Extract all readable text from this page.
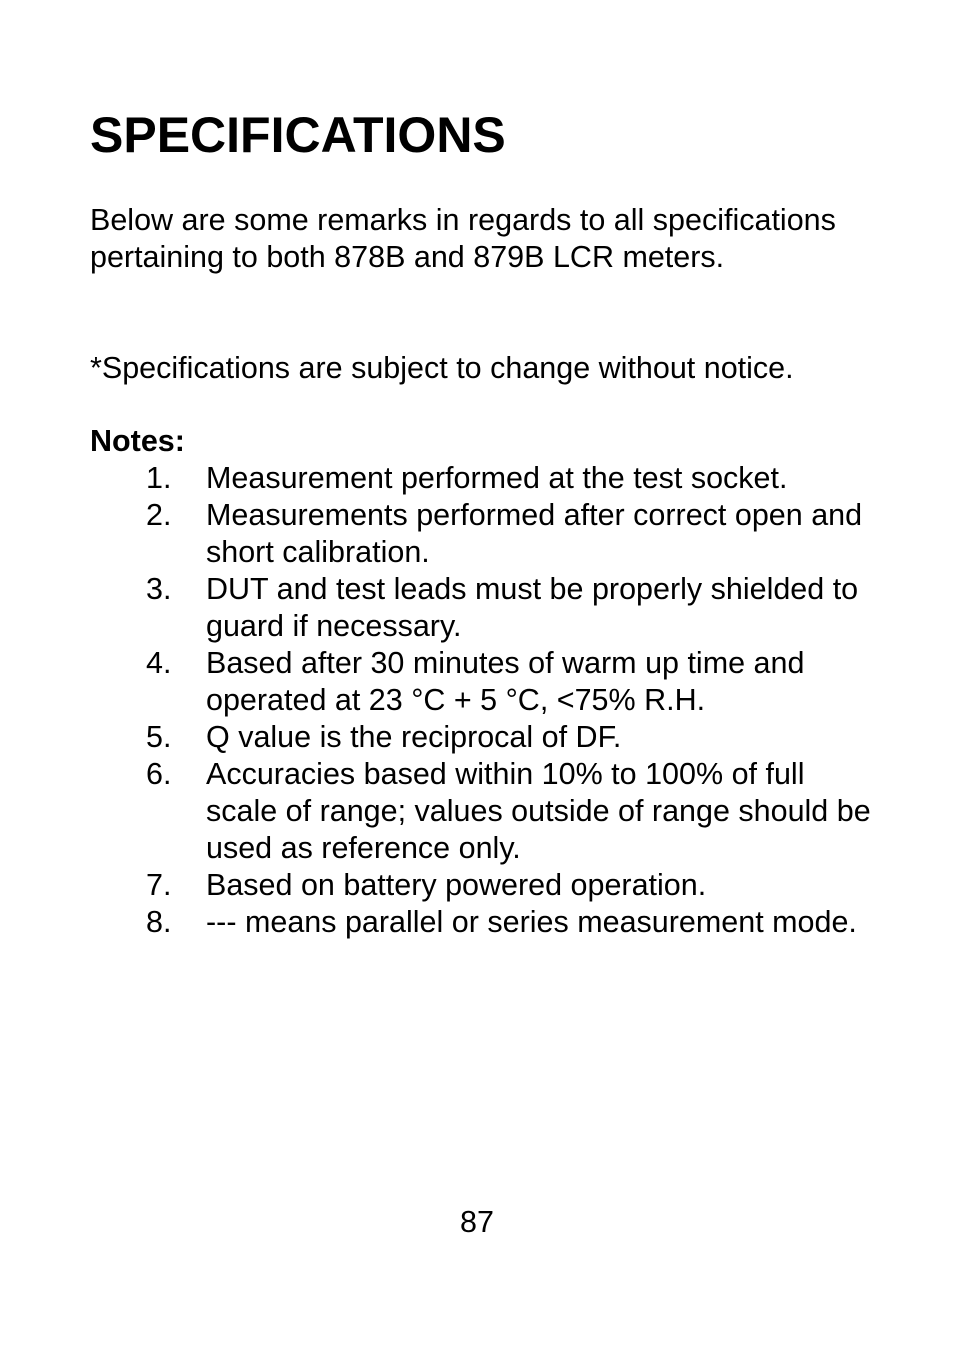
SPECIFICATIONS

Below are some remarks in regards to all specifications pertaining to both 878B and 879B LCR meters.

*Specifications are subject to change without notice.

Notes:

1.	Measurement performed at the test socket.
2.	Measurements performed after correct open and short calibration.
3.	DUT and test leads must be properly shielded to guard if necessary.
4.	Based after 30 minutes of warm up time and operated at 23 °C + 5 °C, <75% R.H.
5.	Q value is the reciprocal of DF.
6.	Accuracies based within 10% to 100% of full scale of range; values outside of range should be used as reference only.
7.	Based on battery powered operation.
8.	--- means parallel or series measurement mode.

87
